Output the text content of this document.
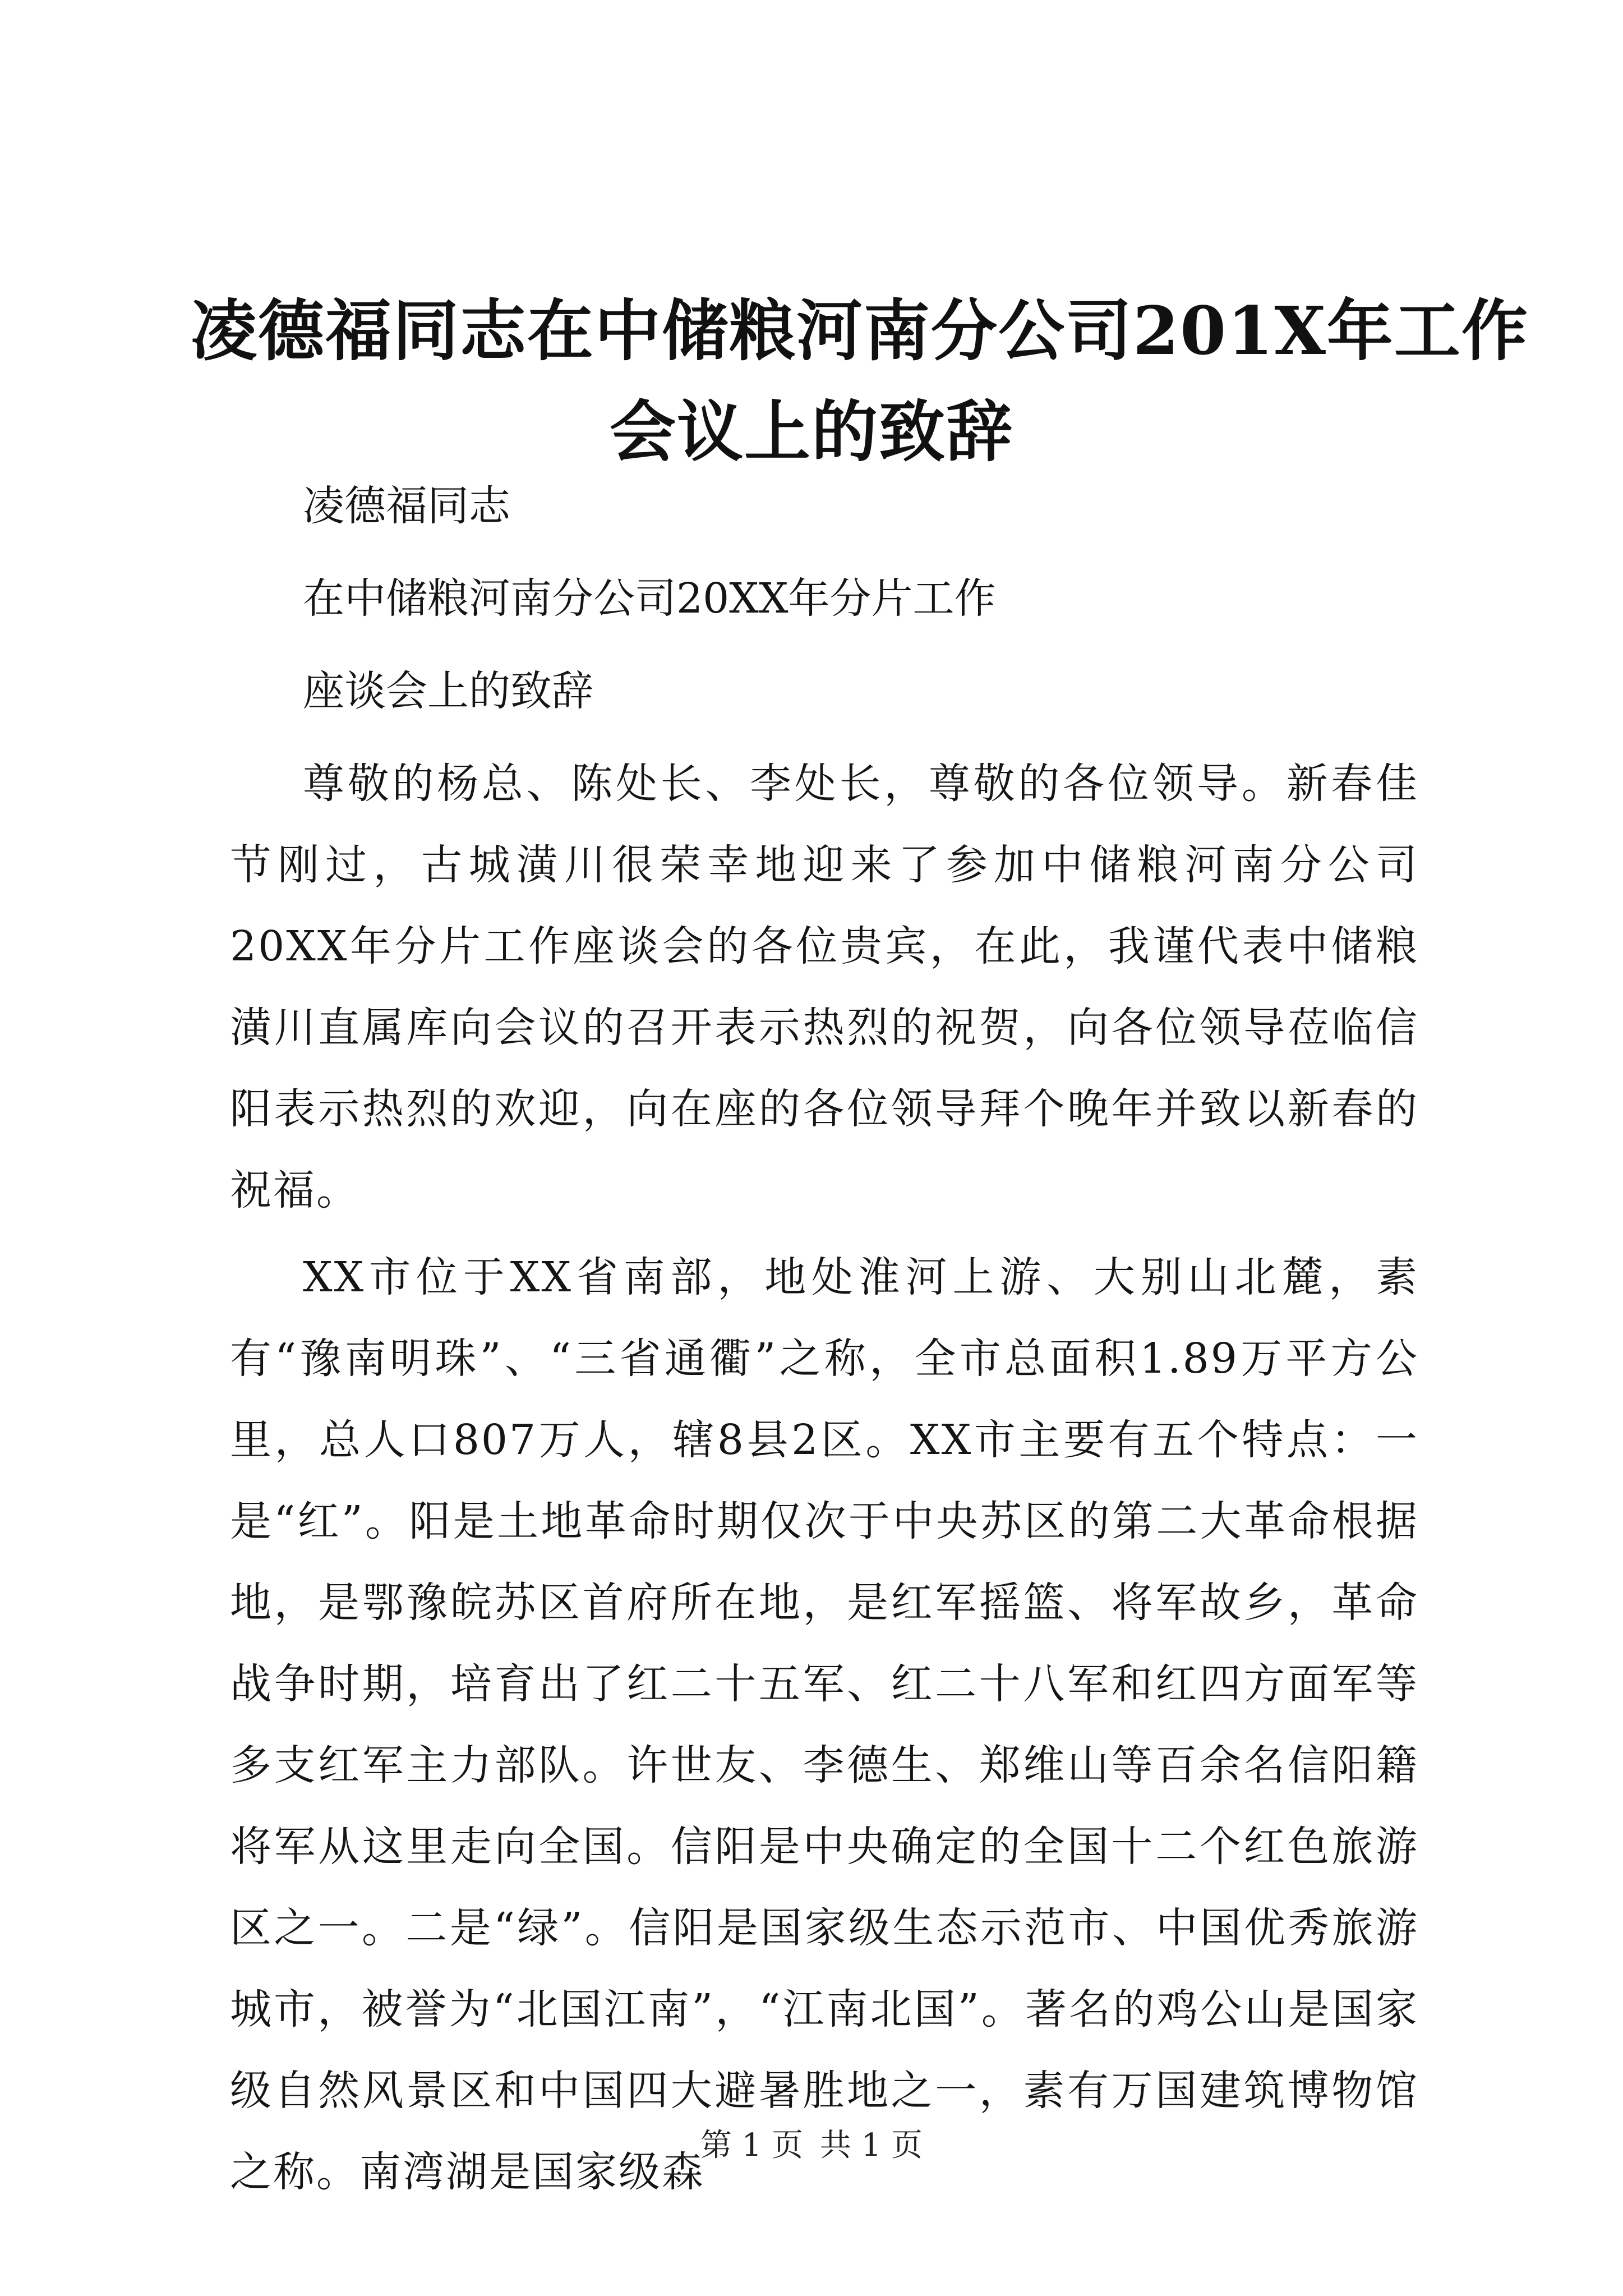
凌德福同志在中储粮河南分公司201X年工作
会议上的致辞
凌德福同志
在中储粮河南分公司20XX年分片工作
座谈会上的致辞

尊敬的杨总、陈处长、李处长，尊敬的各位领导。新春佳节刚过，古城潢川很荣幸地迎来了参加中储粮河南分公司20XX年分片工作座谈会的各位贵宾，在此，我谨代表中储粮潢川直属库向会议的召开表示热烈的祝贺，向各位领导莅临信阳表示热烈的欢迎，向在座的各位领导拜个晚年并致以新春的祝福。

XX市位于XX省南部，地处淮河上游、大别山北麓，素有“豫南明珠”、“三省通衢”之称，全市总面积1.89万平方公里，总人口807万人，辖8县2区。XX市主要有五个特点：一是“红”。阳是土地革命时期仅次于中央苏区的第二大革命根据地，是鄂豫皖苏区首府所在地，是红军摇篮、将军故乡，革命战争时期，培育出了红二十五军、红二十八军和红四方面军等多支红军主力部队。许世友、李德生、郑维山等百余名信阳籍将军从这里走向全国。信阳是中央确定的全国十二个红色旅游区之一。二是“绿”。信阳是国家级生态示范市、中国优秀旅游城市，被誉为“北国江南”，“江南北国”。著名的鸡公山是国家级自然风景区和中国四大避暑胜地之一，素有万国建筑博物馆之称。南湾湖是国家级森

第 1 页 共 1 页
